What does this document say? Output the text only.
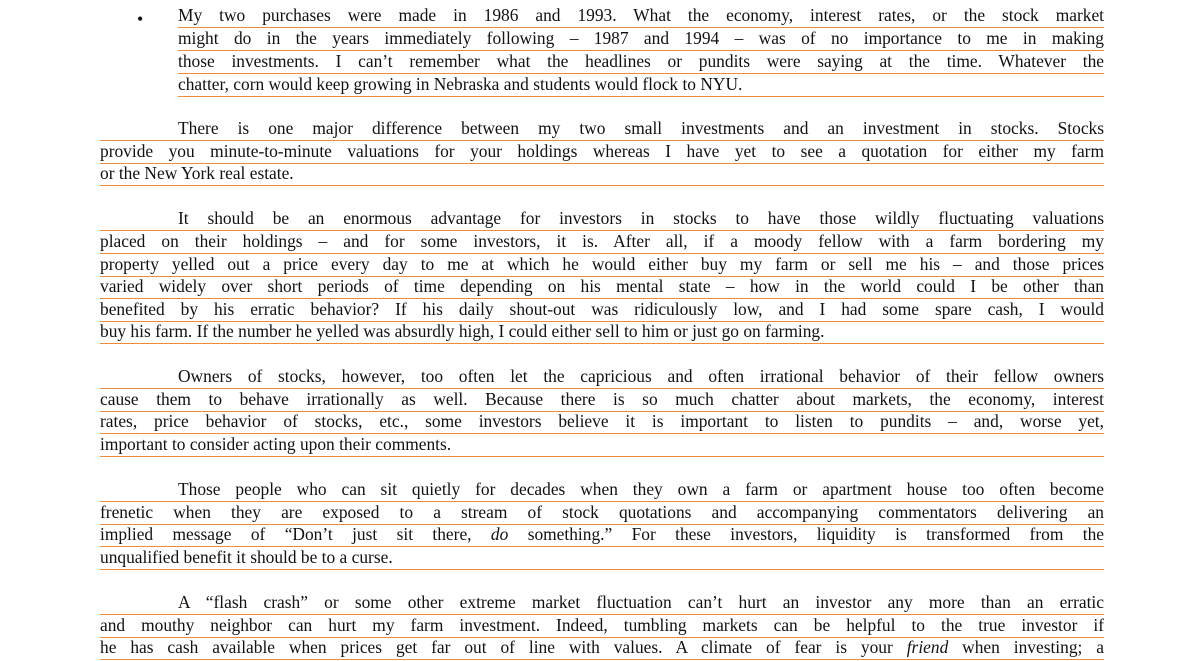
• My two purchases were made in 1986 and 1993. What the economy, interest rates, or the stock market
might do in the years immediately following – 1987 and 1994 – was of no importance to me in making
those investments. I can’t remember what the headlines or pundits were saying at the time. Whatever the
chatter, corn would keep growing in Nebraska and students would flock to NYU.
There is one major difference between my two small investments and an investment in stocks. Stocks
provide you minute-to-minute valuations for your holdings whereas I have yet to see a quotation for either my farm
or the New York real estate.
It should be an enormous advantage for investors in stocks to have those wildly fluctuating valuations
placed on their holdings – and for some investors, it is. After all, if a moody fellow with a farm bordering my
property yelled out a price every day to me at which he would either buy my farm or sell me his – and those prices
varied widely over short periods of time depending on his mental state – how in the world could I be other than
benefited by his erratic behavior? If his daily shout-out was ridiculously low, and I had some spare cash, I would
buy his farm. If the number he yelled was absurdly high, I could either sell to him or just go on farming.
Owners of stocks, however, too often let the capricious and often irrational behavior of their fellow owners
cause them to behave irrationally as well. Because there is so much chatter about markets, the economy, interest
rates, price behavior of stocks, etc., some investors believe it is important to listen to pundits – and, worse yet,
important to consider acting upon their comments.
Those people who can sit quietly for decades when they own a farm or apartment house too often become
frenetic when they are exposed to a stream of stock quotations and accompanying commentators delivering an
implied message of “Don’t just sit there, do something.” For these investors, liquidity is transformed from the
unqualified benefit it should be to a curse.
A “flash crash” or some other extreme market fluctuation can’t hurt an investor any more than an erratic
and mouthy neighbor can hurt my farm investment. Indeed, tumbling markets can be helpful to the true investor if
he has cash available when prices get far out of line with values. A climate of fear is your friend when investing; a
